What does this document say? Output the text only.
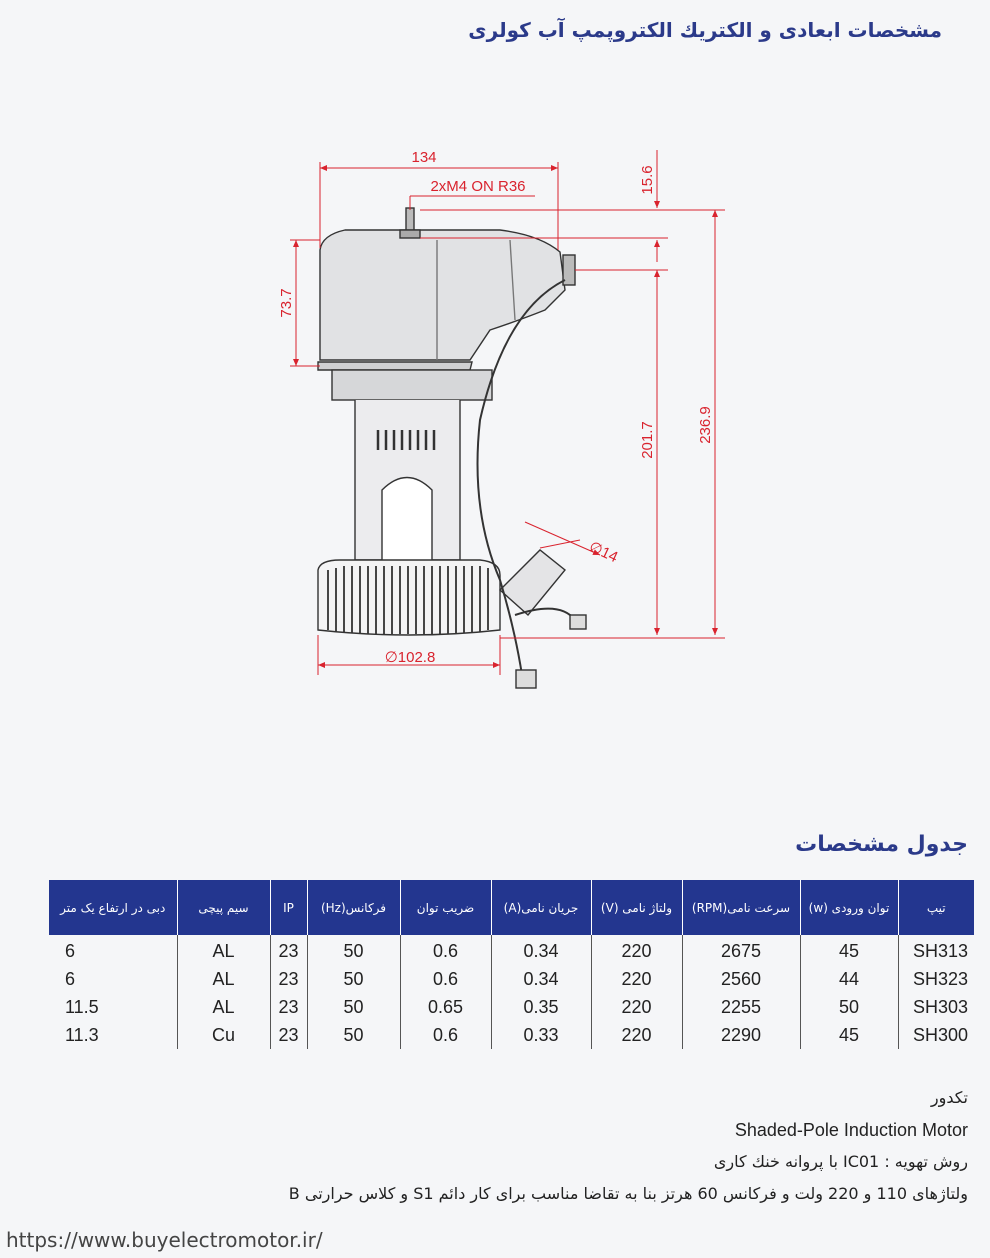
مشخصات ابعادی و الکتریك الکتروپمپ آب کولری
134
2xM4 ON R36	15.6
73.7
201.7	236.9
∅14
∅102.8
جدول مشخصات
تیپ	توان ورودی (w)	سرعت نامی(RPM)	ولتاژ نامی (V)	جریان نامی(A)	ضریب توان	فرکانس(Hz)	IP	سیم پیچی	دبی در ارتفاع یک متر
SH313	45	2675	220	0.34	0.6	50	23	AL	6
SH323	44	2560	220	0.34	0.6	50	23	AL	6
SH303	50	2255	220	0.35	0.65	50	23	AL	11.5
SH300	45	2290	220	0.33	0.6	50	23	Cu	11.3
تکدور
Shaded-Pole Induction Motor
روش تهویه : IC01 با پروانه خنك کاری
ولتاژهای 110 و 220 ولت و فرکانس 60 هرتز بنا به تقاضا مناسب برای کار دائم S1 و کلاس حرارتی B
https://www.buyelectromotor.ir/
